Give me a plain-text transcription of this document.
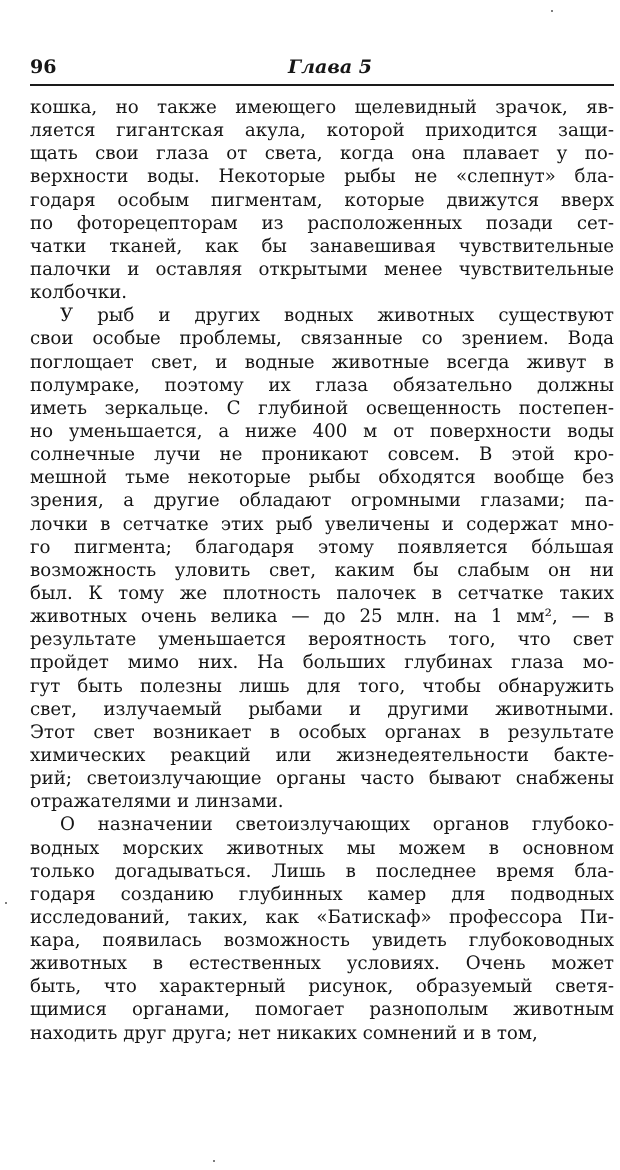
96	Глава 5
кошка, но также имеющего щелевидный зрачок, яв-
ляется гигантская акула, которой приходится защи-
щать свои глаза от света, когда она плавает у по-
верхности воды. Некоторые рыбы не «слепнут» бла-
годаря особым пигментам, которые движутся вверх
по фоторецепторам из расположенных позади сет-
чатки тканей, как бы занавешивая чувствительные
палочки и оставляя открытыми менее чувствительные
колбочки.
У рыб и других водных животных существуют
свои особые проблемы, связанные со зрением. Вода
поглощает свет, и водные животные всегда живут в
полумраке, поэтому их глаза обязательно должны
иметь зеркальце. С глубиной освещенность постепен-
но уменьшается, а ниже 400 м от поверхности воды
солнечные лучи не проникают совсем. В этой кро-
мешной тьме некоторые рыбы обходятся вообще без
зрения, а другие обладают огромными глазами; па-
лочки в сетчатке этих рыб увеличены и содержат мно-
го пигмента; благодаря этому появляется бо́льшая
возможность уловить свет, каким бы слабым он ни
был. К тому же плотность палочек в сетчатке таких
животных очень велика — до 25 млн. на 1 мм², — в
результате уменьшается вероятность того, что свет
пройдет мимо них. На больших глубинах глаза мо-
гут быть полезны лишь для того, чтобы обнаружить
свет, излучаемый рыбами и другими животными.
Этот свет возникает в особых органах в результате
химических реакций или жизнедеятельности бакте-
рий; светоизлучающие органы часто бывают снабжены
отражателями и линзами.
О назначении светоизлучающих органов глубоко-
водных морских животных мы можем в основном
только догадываться. Лишь в последнее время бла-
годаря созданию глубинных камер для подводных
исследований, таких, как «Батискаф» профессора Пи-
кара, появилась возможность увидеть глубоководных
животных в естественных условиях. Очень может
быть, что характерный рисунок, образуемый светя-
щимися органами, помогает разнополым животным
находить друг друга; нет никаких сомнений и в том,
